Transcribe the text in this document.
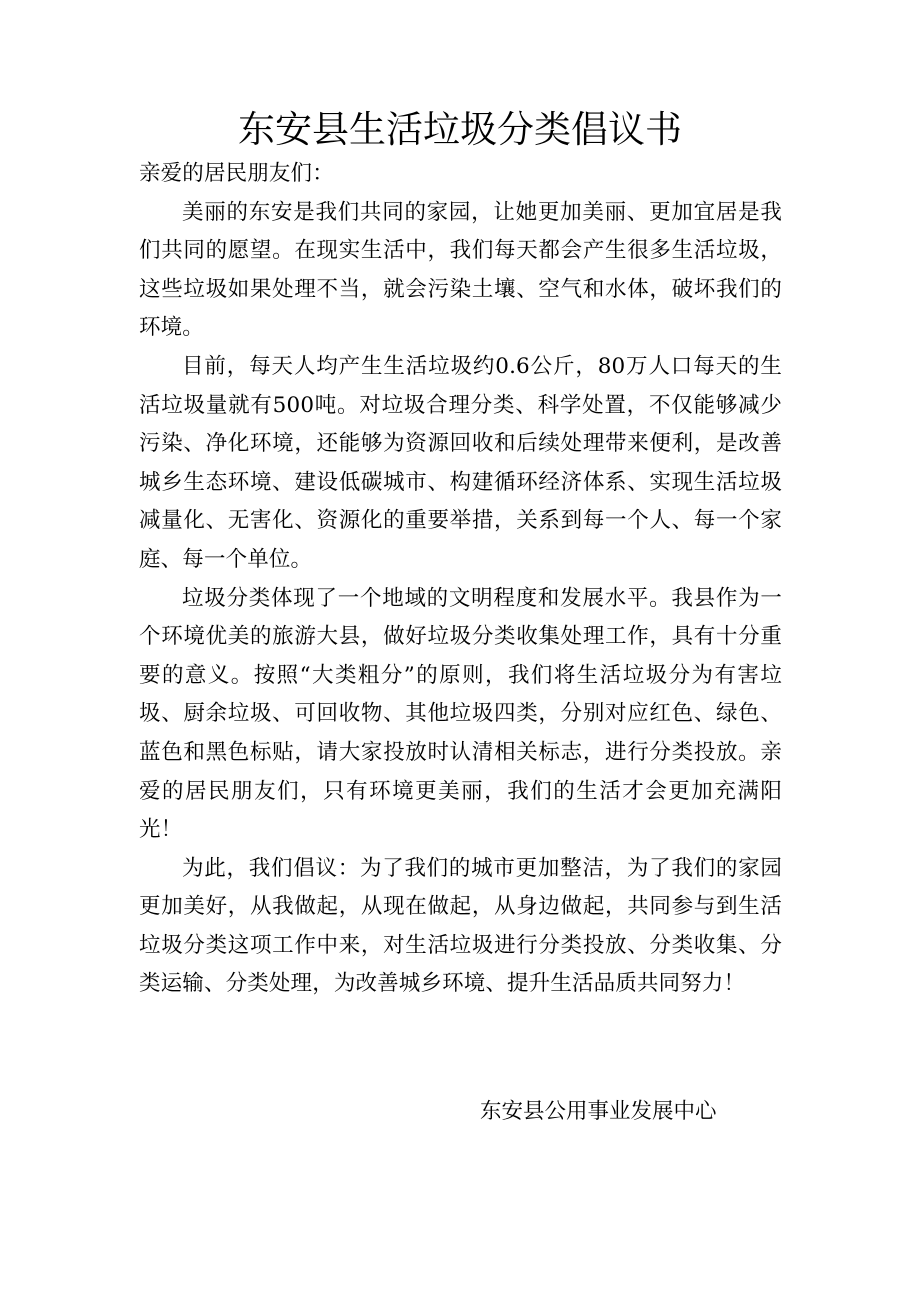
东安县生活垃圾分类倡议书

亲爱的居民朋友们：

美丽的东安是我们共同的家园，让她更加美丽、更加宜居是我们共同的愿望。在现实生活中，我们每天都会产生很多生活垃圾，这些垃圾如果处理不当，就会污染土壤、空气和水体，破坏我们的环境。

目前，每天人均产生生活垃圾约0.6公斤，80万人口每天的生活垃圾量就有500吨。对垃圾合理分类、科学处置，不仅能够减少污染、净化环境，还能够为资源回收和后续处理带来便利，是改善城乡生态环境、建设低碳城市、构建循环经济体系、实现生活垃圾减量化、无害化、资源化的重要举措，关系到每一个人、每一个家庭、每一个单位。

垃圾分类体现了一个地域的文明程度和发展水平。我县作为一个环境优美的旅游大县，做好垃圾分类收集处理工作，具有十分重要的意义。按照“大类粗分”的原则，我们将生活垃圾分为有害垃圾、厨余垃圾、可回收物、其他垃圾四类，分别对应红色、绿色、蓝色和黑色标贴，请大家投放时认清相关标志，进行分类投放。亲爱的居民朋友们，只有环境更美丽，我们的生活才会更加充满阳光！

为此，我们倡议：为了我们的城市更加整洁，为了我们的家园更加美好，从我做起，从现在做起，从身边做起，共同参与到生活垃圾分类这项工作中来，对生活垃圾进行分类投放、分类收集、分类运输、分类处理，为改善城乡环境、提升生活品质共同努力！

东安县公用事业发展中心
